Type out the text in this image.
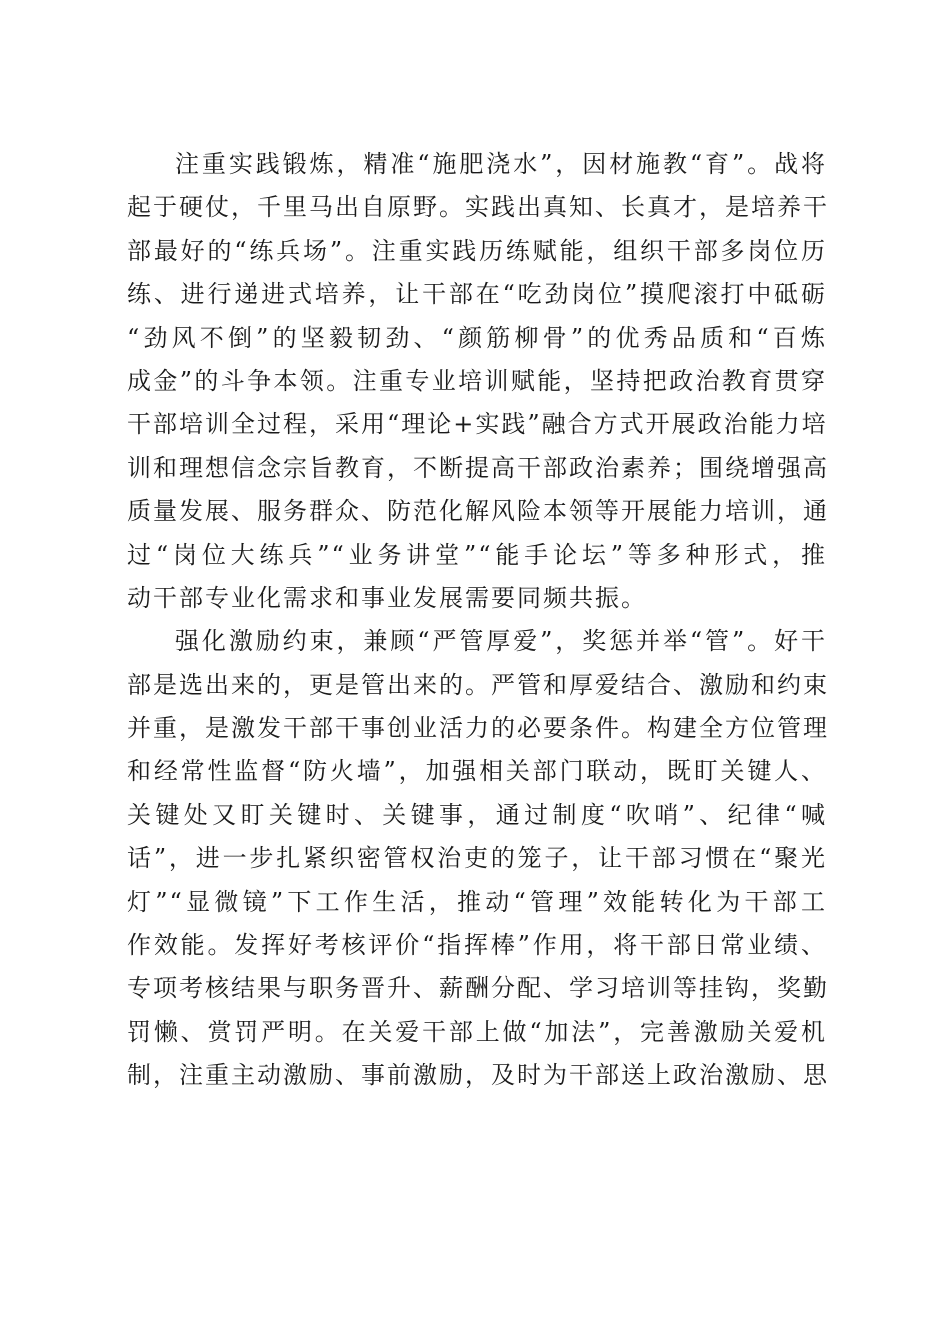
注重实践锻炼，精准“施肥浇水”，因材施教“育”。战将
起于硬仗，千里马出自原野。实践出真知、长真才，是培养干
部最好的“练兵场”。注重实践历练赋能，组织干部多岗位历
练、进行递进式培养，让干部在“吃劲岗位”摸爬滚打中砥砺
“劲风不倒”的坚毅韧劲、“颜筋柳骨”的优秀品质和“百炼
成金”的斗争本领。注重专业培训赋能，坚持把政治教育贯穿
干部培训全过程，采用“理论+实践”融合方式开展政治能力培
训和理想信念宗旨教育，不断提高干部政治素养；围绕增强高
质量发展、服务群众、防范化解风险本领等开展能力培训，通
过“岗位大练兵”“业务讲堂”“能手论坛”等多种形式，推
动干部专业化需求和事业发展需要同频共振。
强化激励约束，兼顾“严管厚爱”，奖惩并举“管”。好干
部是选出来的，更是管出来的。严管和厚爱结合、激励和约束
并重，是激发干部干事创业活力的必要条件。构建全方位管理
和经常性监督“防火墙”，加强相关部门联动，既盯关键人、
关键处又盯关键时、关键事，通过制度“吹哨”、纪律“喊
话”，进一步扎紧织密管权治吏的笼子，让干部习惯在“聚光
灯”“显微镜”下工作生活，推动“管理”效能转化为干部工
作效能。发挥好考核评价“指挥棒”作用，将干部日常业绩、
专项考核结果与职务晋升、薪酬分配、学习培训等挂钩，奖勤
罚懒、赏罚严明。在关爱干部上做“加法”，完善激励关爱机
制，注重主动激励、事前激励，及时为干部送上政治激励、思
